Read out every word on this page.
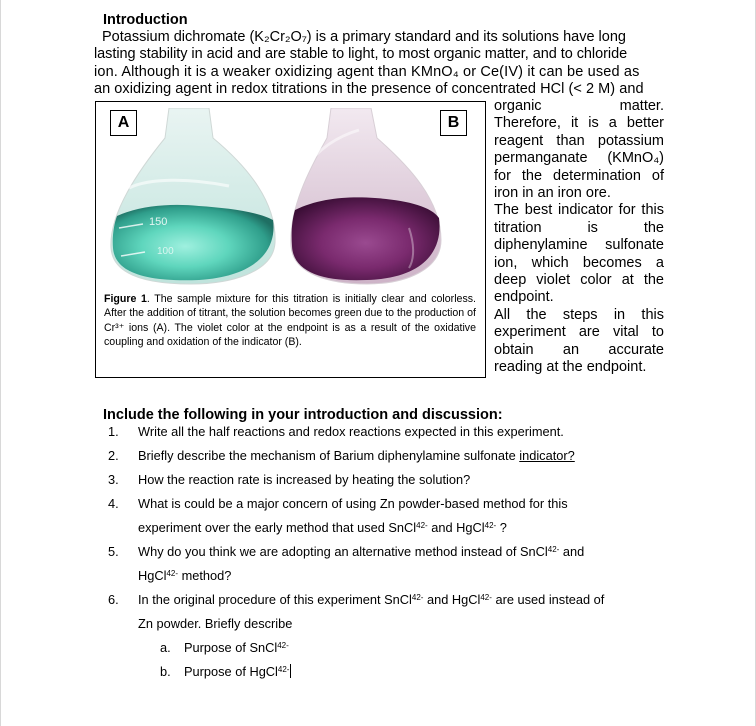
Introduction
Potassium dichromate (K₂Cr₂O₇) is a primary standard and its solutions have long
lasting stability in acid and are stable to light, to most organic matter, and to chloride
ion. Although it is a weaker oxidizing agent than KMnO₄ or Ce(IV) it can be used as
an oxidizing agent in redox titrations in the presence of concentrated HCl (< 2 M) and
organic matter.
Therefore, it is a better
reagent than potassium
permanganate (KMnO₄)
for the determination of
iron in an iron ore.
The best indicator for this
titration is the
diphenylamine sulfonate
ion, which becomes a
deep violet color at the
endpoint.
All the steps in this
experiment are vital to
obtain an accurate
reading at the endpoint.
150
100
A	B
Figure 1. The sample mixture for this titration is initially clear and colorless. After the addition of titrant, the solution becomes green due to the production of Cr³⁺ ions (A). The violet color at the endpoint is as a result of the oxidative coupling and oxidation of the indicator (B).
Include the following in your introduction and discussion:
1.	Write all the half reactions and redox reactions expected in this experiment.
2.	Briefly describe the mechanism of Barium diphenylamine sulfonate indicator?
3.	How the reaction rate is increased by heating the solution?
4.	What is could be a major concern of using Zn powder-based method for this
experiment over the early method that used SnCl$^{42-}$ and HgCl$^{42-}$ ?
5.	Why do you think we are adopting an alternative method instead of SnCl$^{42-}$ and
HgCl$^{42-}$ method?
6.	In the original procedure of this experiment SnCl$^{42-}$ and HgCl$^{42-}$ are used instead of
Zn powder. Briefly describe
a.	Purpose of SnCl$^{42-}$
b.	Purpose of HgCl$^{42-}$
